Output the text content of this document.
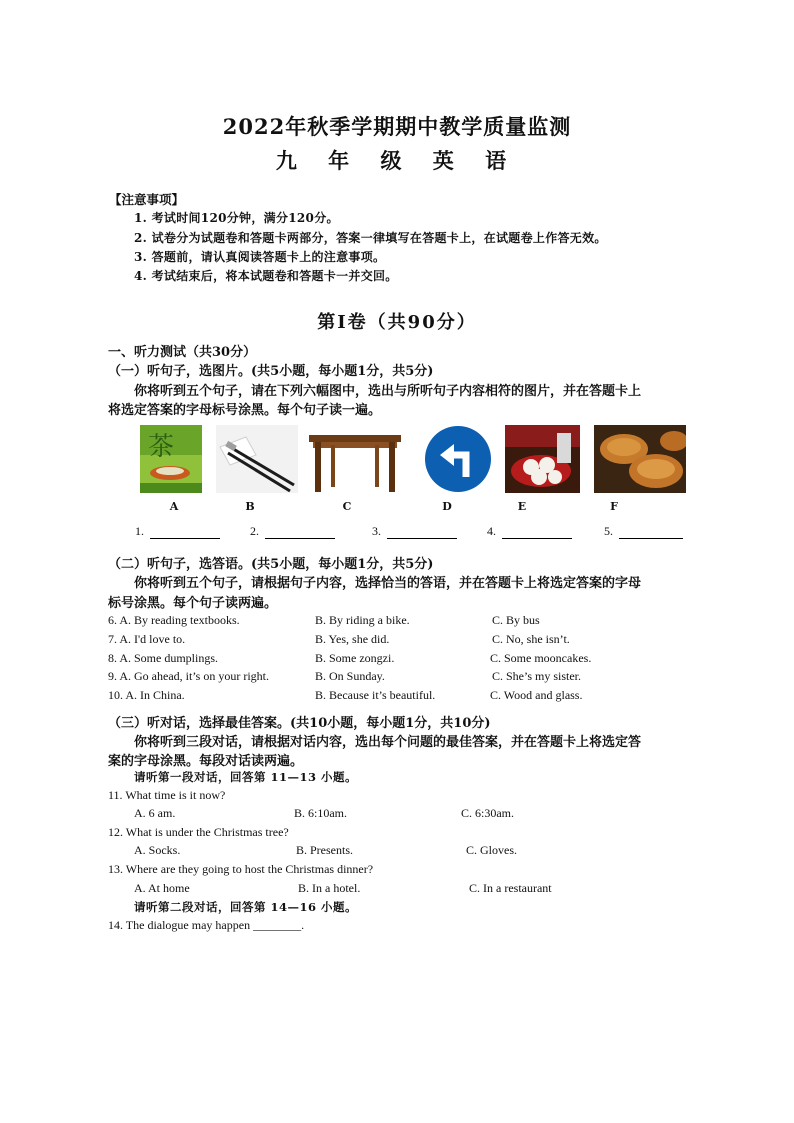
2022年秋季学期期中教学质量监测
九 年 级 英 语
【注意事项】
1. 考试时间120分钟，满分120分。
2. 试卷分为试题卷和答题卡两部分，答案一律填写在答题卡上，在试题卷上作答无效。
3. 答题前，请认真阅读答题卡上的注意事项。
4. 考试结束后，将本试题卷和答题卡一并交回。
第Ⅰ卷（共90分）
一、听力测试（共30分）
（一）听句子，选图片。(共5小题，每小题1分，共5分)
你将听到五个句子，请在下列六幅图中，选出与所听句子内容相符的图片，并在答题卡上
将选定答案的字母标号涂黑。每个句子读一遍。
茶
A	B	C	D	E	F
1.	2.	3.	4.	5.
（二）听句子，选答语。(共5小题，每小题1分，共5分)
你将听到五个句子，请根据句子内容，选择恰当的答语，并在答题卡上将选定答案的字母
标号涂黑。每个句子读两遍。
6. A. By reading textbooks.	B. By riding a bike.	C. By bus
7. A. I'd love to.	B. Yes, she did.	C. No, she isn’t.
8. A. Some dumplings.	B. Some zongzi.	C. Some mooncakes.
9. A. Go ahead, it’s on your right.	B. On Sunday.	C. She’s my sister.
10. A. In China.	B. Because it’s beautiful.	C. Wood and glass.
（三）听对话，选择最佳答案。(共10小题，每小题1分，共10分)
你将听到三段对话，请根据对话内容，选出每个问题的最佳答案，并在答题卡上将选定答
案的字母涂黑。每段对话读两遍。
请听第一段对话，回答第 11—13 小题。
11. What time is it now?
A. 6 am.	B. 6:10am.	C. 6:30am.
12. What is under the Christmas tree?
A. Socks.	B. Presents.	C. Gloves.
13. Where are they going to host the Christmas dinner?
A. At home	B. In a hotel.	C. In a restaurant
请听第二段对话，回答第 14—16 小题。
14. The dialogue may happen ________.
